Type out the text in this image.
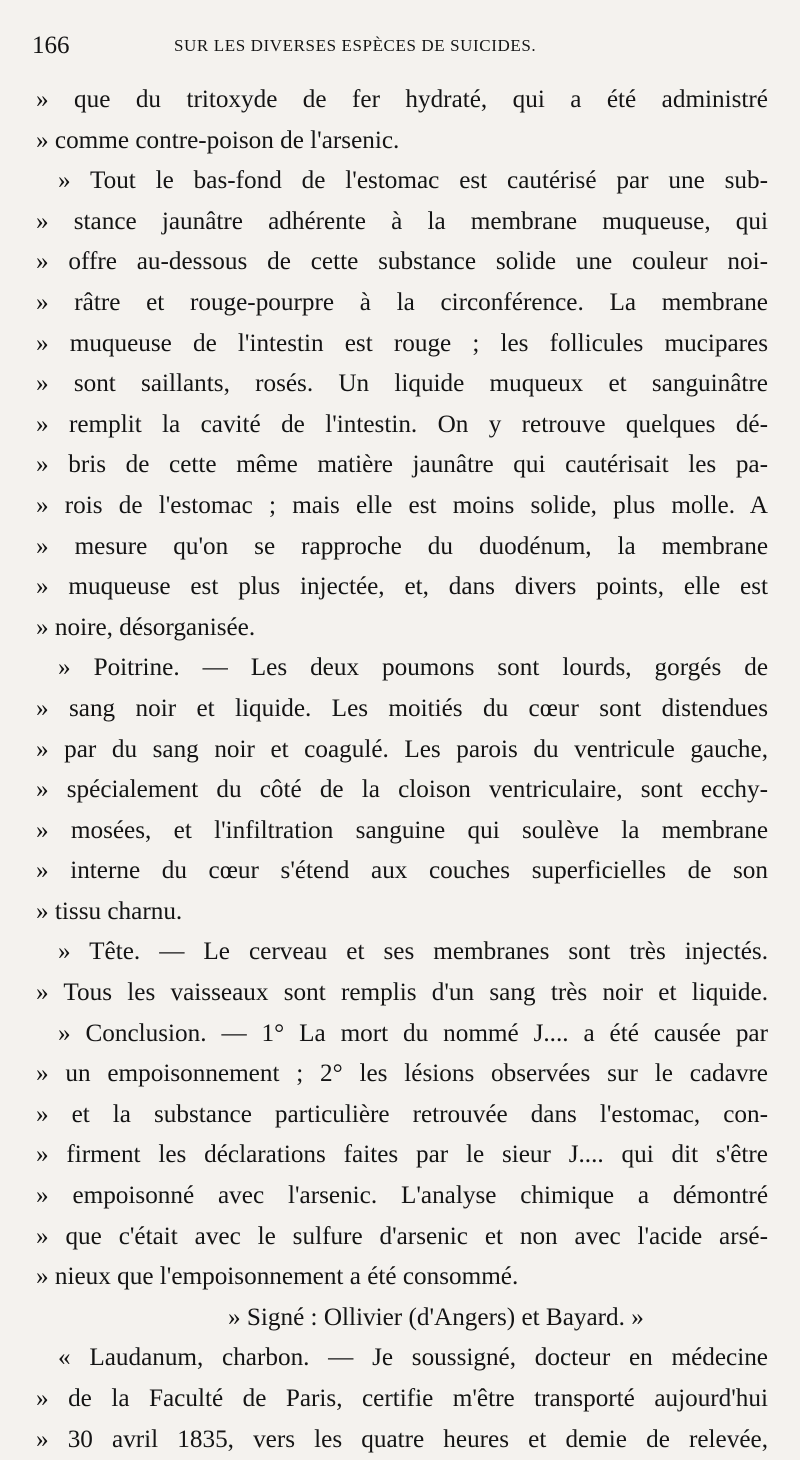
166	SUR LES DIVERSES ESPÈCES DE SUICIDES.
» que du tritoxyde de fer hydraté, qui a été administré
» comme contre-poison de l'arsenic.
» Tout le bas-fond de l'estomac est cautérisé par une sub-
» stance jaunâtre adhérente à la membrane muqueuse, qui
» offre au-dessous de cette substance solide une couleur noi-
» râtre et rouge-pourpre à la circonférence. La membrane
» muqueuse de l'intestin est rouge ; les follicules mucipares
» sont saillants, rosés. Un liquide muqueux et sanguinâtre
» remplit la cavité de l'intestin. On y retrouve quelques dé-
» bris de cette même matière jaunâtre qui cautérisait les pa-
» rois de l'estomac ; mais elle est moins solide, plus molle. A
» mesure qu'on se rapproche du duodénum, la membrane
» muqueuse est plus injectée, et, dans divers points, elle est
» noire, désorganisée.
» Poitrine. — Les deux poumons sont lourds, gorgés de
» sang noir et liquide. Les moitiés du cœur sont distendues
» par du sang noir et coagulé. Les parois du ventricule gauche,
» spécialement du côté de la cloison ventriculaire, sont ecchy-
» mosées, et l'infiltration sanguine qui soulève la membrane
» interne du cœur s'étend aux couches superficielles de son
» tissu charnu.
» Tête. — Le cerveau et ses membranes sont très injectés.
» Tous les vaisseaux sont remplis d'un sang très noir et liquide.
» Conclusion. — 1° La mort du nommé J.... a été causée par
» un empoisonnement ; 2° les lésions observées sur le cadavre
» et la substance particulière retrouvée dans l'estomac, con-
» firment les déclarations faites par le sieur J.... qui dit s'être
» empoisonné avec l'arsenic. L'analyse chimique a démontré
» que c'était avec le sulfure d'arsenic et non avec l'acide arsé-
» nieux que l'empoisonnement a été consommé.
» Signé : Ollivier (d'Angers) et Bayard. »
« Laudanum, charbon. — Je soussigné, docteur en médecine
» de la Faculté de Paris, certifie m'être transporté aujourd'hui
» 30 avril 1835, vers les quatre heures et demie de relevée,
